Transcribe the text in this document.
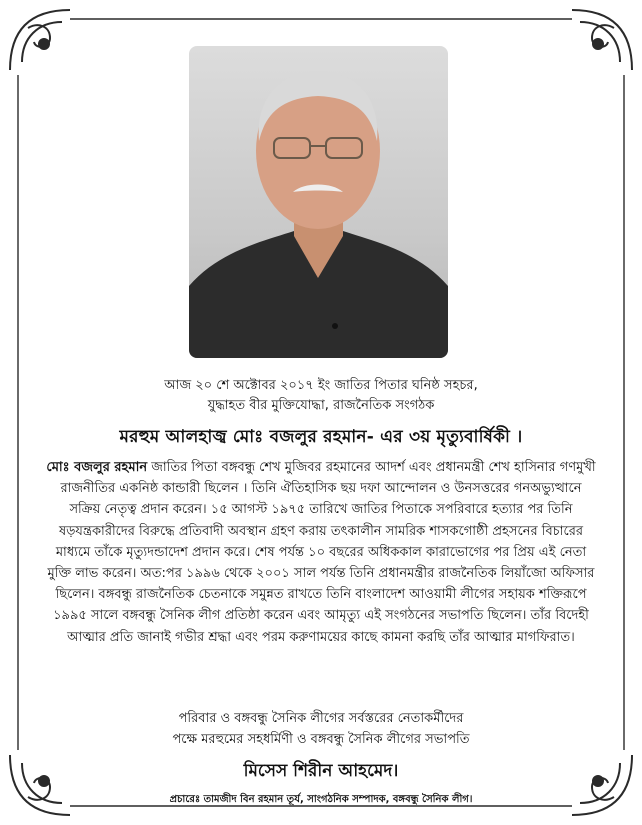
আজ ২০ শে অক্টোবর ২০১৭ ইং জাতির পিতার ঘনিষ্ঠ সহচর,
যুদ্ধাহত বীর মুক্তিযোদ্ধা, রাজনৈতিক সংগঠক
মরহুম আলহাজ্ব মোঃ বজলুর রহমান- এর ৩য় মৃত্যুবার্ষিকী ।
মোঃ বজলুর রহমান জাতির পিতা বঙ্গবন্ধু শেখ মুজিবর রহমানের আদর্শ এবং প্রধানমন্ত্রী শেখ হাসিনার গণমুখী রাজনীতির একনিষ্ঠ কান্ডারী ছিলেন । তিনি ঐতিহাসিক ছয় দফা আন্দোলন ও উনসত্তরের গনঅভ্যুত্থানে সক্রিয় নেতৃত্ব প্রদান করেন। ১৫ আগস্ট ১৯৭৫ তারিখে জাতির পিতাকে সপরিবারে হত্যার পর তিনি ষড়যন্ত্রকারীদের বিরুদ্ধে প্রতিবাদী অবস্থান গ্রহণ করায় তৎকালীন সামরিক শাসকগোষ্ঠী প্রহসনের বিচারের মাধ্যমে তাঁকে মৃত্যুদন্ডাদেশ প্রদান করে। শেষ পর্যন্ত ১০ বছরের অধিককাল কারাভোগের পর প্রিয় এই নেতা মুক্তি লাভ করেন। অত:পর ১৯৯৬ থেকে ২০০১ সাল পর্যন্ত তিনি প্রধানমন্ত্রীর রাজনৈতিক লিয়াঁজো অফিসার ছিলেন। বঙ্গবন্ধু রাজনৈতিক চেতনাকে সমুন্নত রাখতে তিনি বাংলাদেশ আওয়ামী লীগের সহায়ক শক্তিরূপে ১৯৯৫ সালে বঙ্গবন্ধু সৈনিক লীগ প্রতিষ্ঠা করেন এবং আমৃত্যু এই সংগঠনের সভাপতি ছিলেন। তাঁর বিদেহী আত্মার প্রতি জানাই গভীর শ্রদ্ধা এবং পরম করুণাময়ের কাছে কামনা করছি তাঁর আত্মার মাগফিরাত।
পরিবার ও বঙ্গবন্ধু সৈনিক লীগের সর্বস্তরের নেতাকর্মীদের
পক্ষে মরহুমের সহধর্মিণী ও বঙ্গবন্ধু সৈনিক লীগের সভাপতি
মিসেস শিরীন আহমেদ।
প্রচারেঃ তামজীদ বিন রহমান তূর্য, সাংগঠনিক সম্পাদক, বঙ্গবন্ধু সৈনিক লীগ।
